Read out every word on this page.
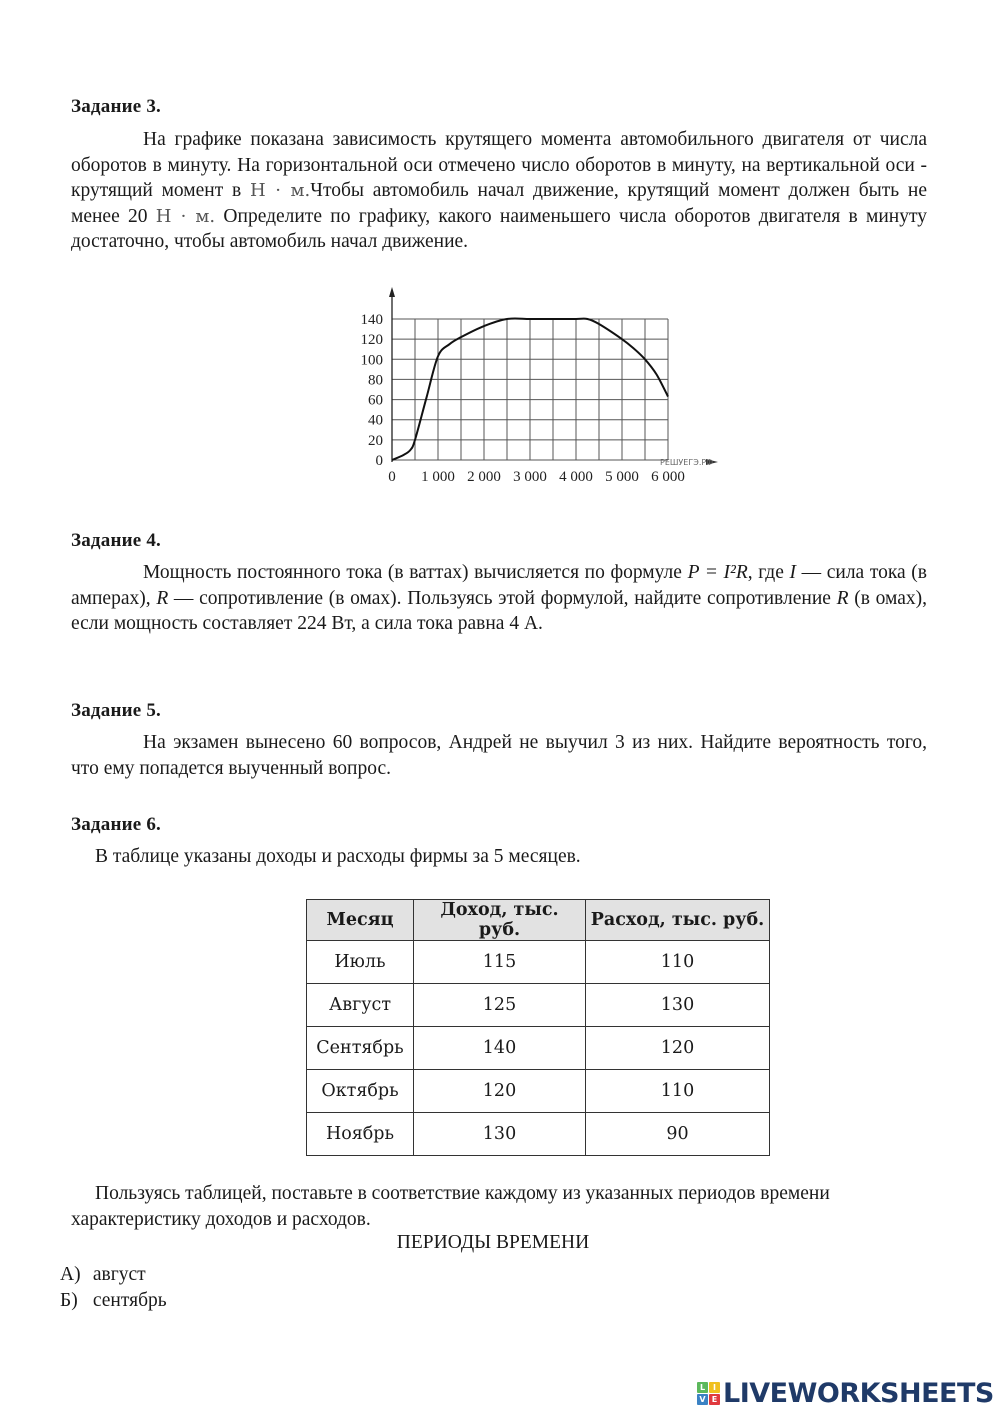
Задание 3.
На графике показана зависимость крутящего момента автомобильного двигателя от числа оборотов в минуту. На горизонтальной оси отмечено число оборотов в минуту, на вертикальной оси - крутящий момент в Н · м.Чтобы автомобиль начал движение, крутящий момент должен быть не менее 20 Н · м. Определите по графику, какого наименьшего числа оборотов двигателя в минуту достаточно, чтобы автомобиль начал движение.
0
20
40
60
80
100
120
140
0 1 000 2 000 3 000 4 000 5 000 6 000
РЕШУЕГЭ.РФ
Задание 4.
Мощность постоянного тока (в ваттах) вычисляется по формуле P = I²R, где I — сила тока (в амперах), R — сопротивление (в омах). Пользуясь этой формулой, найдите сопротивление R (в омах), если мощность составляет 224 Вт, а сила тока равна 4 А.
Задание 5.
На экзамен вынесено 60 вопросов, Андрей не выучил 3 из них. Найдите вероятность того, что ему попадется выученный вопрос.
Задание 6.
В таблице указаны доходы и расходы фирмы за 5 месяцев.
Месяц	Доход, тыс. руб.	Расход, тыс. руб.
Июль	115	110
Август	125	130
Сентябрь	140	120
Октябрь	120	110
Ноябрь	130	90
Пользуясь таблицей, поставьте в соответствие каждому из указанных периодов времени характеристику доходов и расходов.
ПЕРИОДЫ ВРЕМЕНИ
А) август
Б) сентябрь
L I
V E LIVEWORKSHEETS
